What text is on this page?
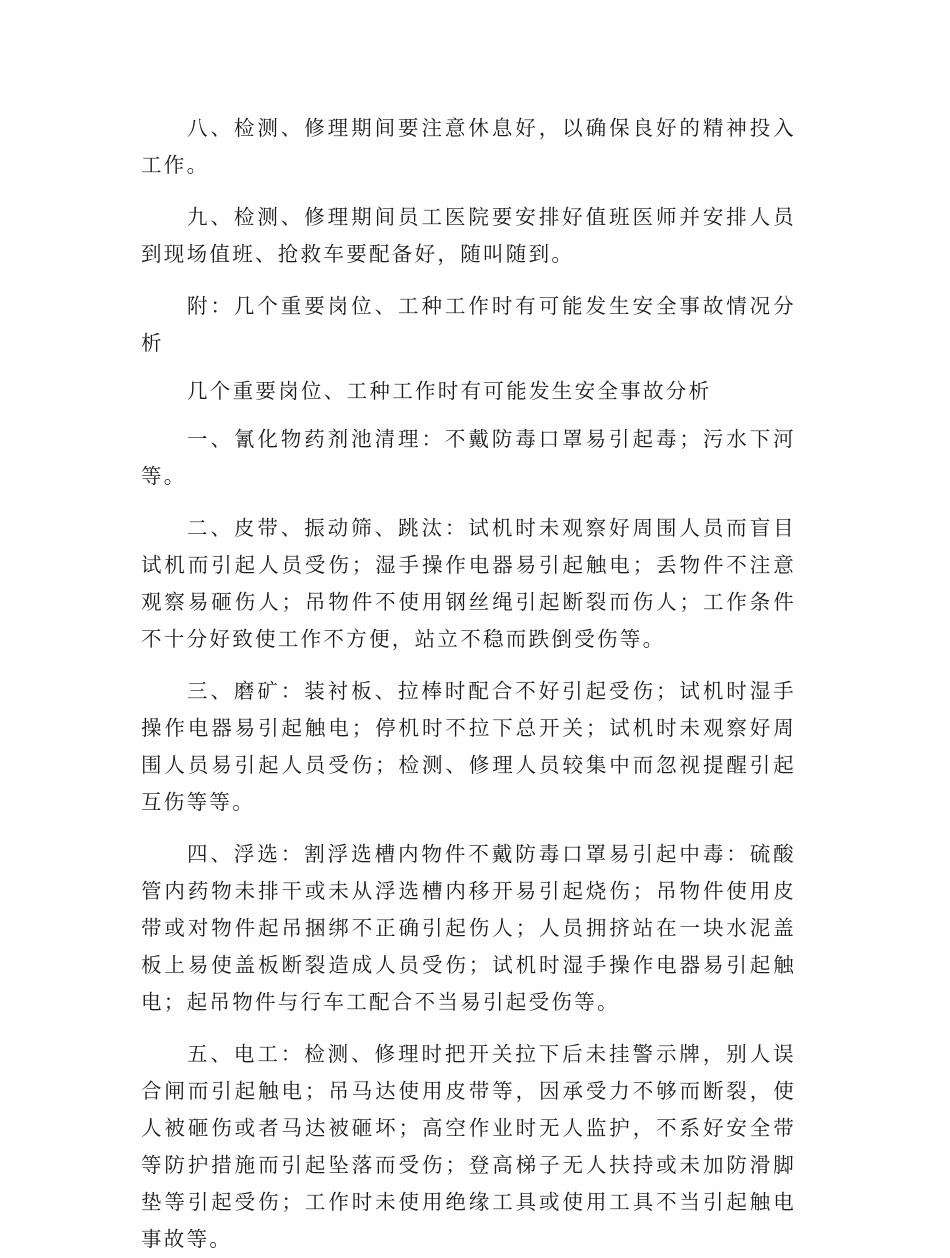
八、检测、修理期间要注意休息好，以确保良好的精神投入工作。

九、检测、修理期间员工医院要安排好值班医师并安排人员到现场值班、抢救车要配备好，随叫随到。

附：几个重要岗位、工种工作时有可能发生安全事故情况分析

几个重要岗位、工种工作时有可能发生安全事故分析

一、氰化物药剂池清理：不戴防毒口罩易引起毒；污水下河等。

二、皮带、振动筛、跳汰：试机时未观察好周围人员而盲目试机而引起人员受伤；湿手操作电器易引起触电；丢物件不注意观察易砸伤人；吊物件不使用钢丝绳引起断裂而伤人；工作条件不十分好致使工作不方便，站立不稳而跌倒受伤等。

三、磨矿：装衬板、拉棒时配合不好引起受伤；试机时湿手操作电器易引起触电；停机时不拉下总开关；试机时未观察好周围人员易引起人员受伤；检测、修理人员较集中而忽视提醒引起互伤等等。

四、浮选：割浮选槽内物件不戴防毒口罩易引起中毒：硫酸管内药物未排干或未从浮选槽内移开易引起烧伤；吊物件使用皮带或对物件起吊捆绑不正确引起伤人；人员拥挤站在一块水泥盖板上易使盖板断裂造成人员受伤；试机时湿手操作电器易引起触电；起吊物件与行车工配合不当易引起受伤等。

五、电工：检测、修理时把开关拉下后未挂警示牌，别人误合闸而引起触电；吊马达使用皮带等，因承受力不够而断裂，使人被砸伤或者马达被砸坏；高空作业时无人监护，不系好安全带等防护措施而引起坠落而受伤；登高梯子无人扶持或未加防滑脚垫等引起受伤；工作时未使用绝缘工具或使用工具不当引起触电事故等。
